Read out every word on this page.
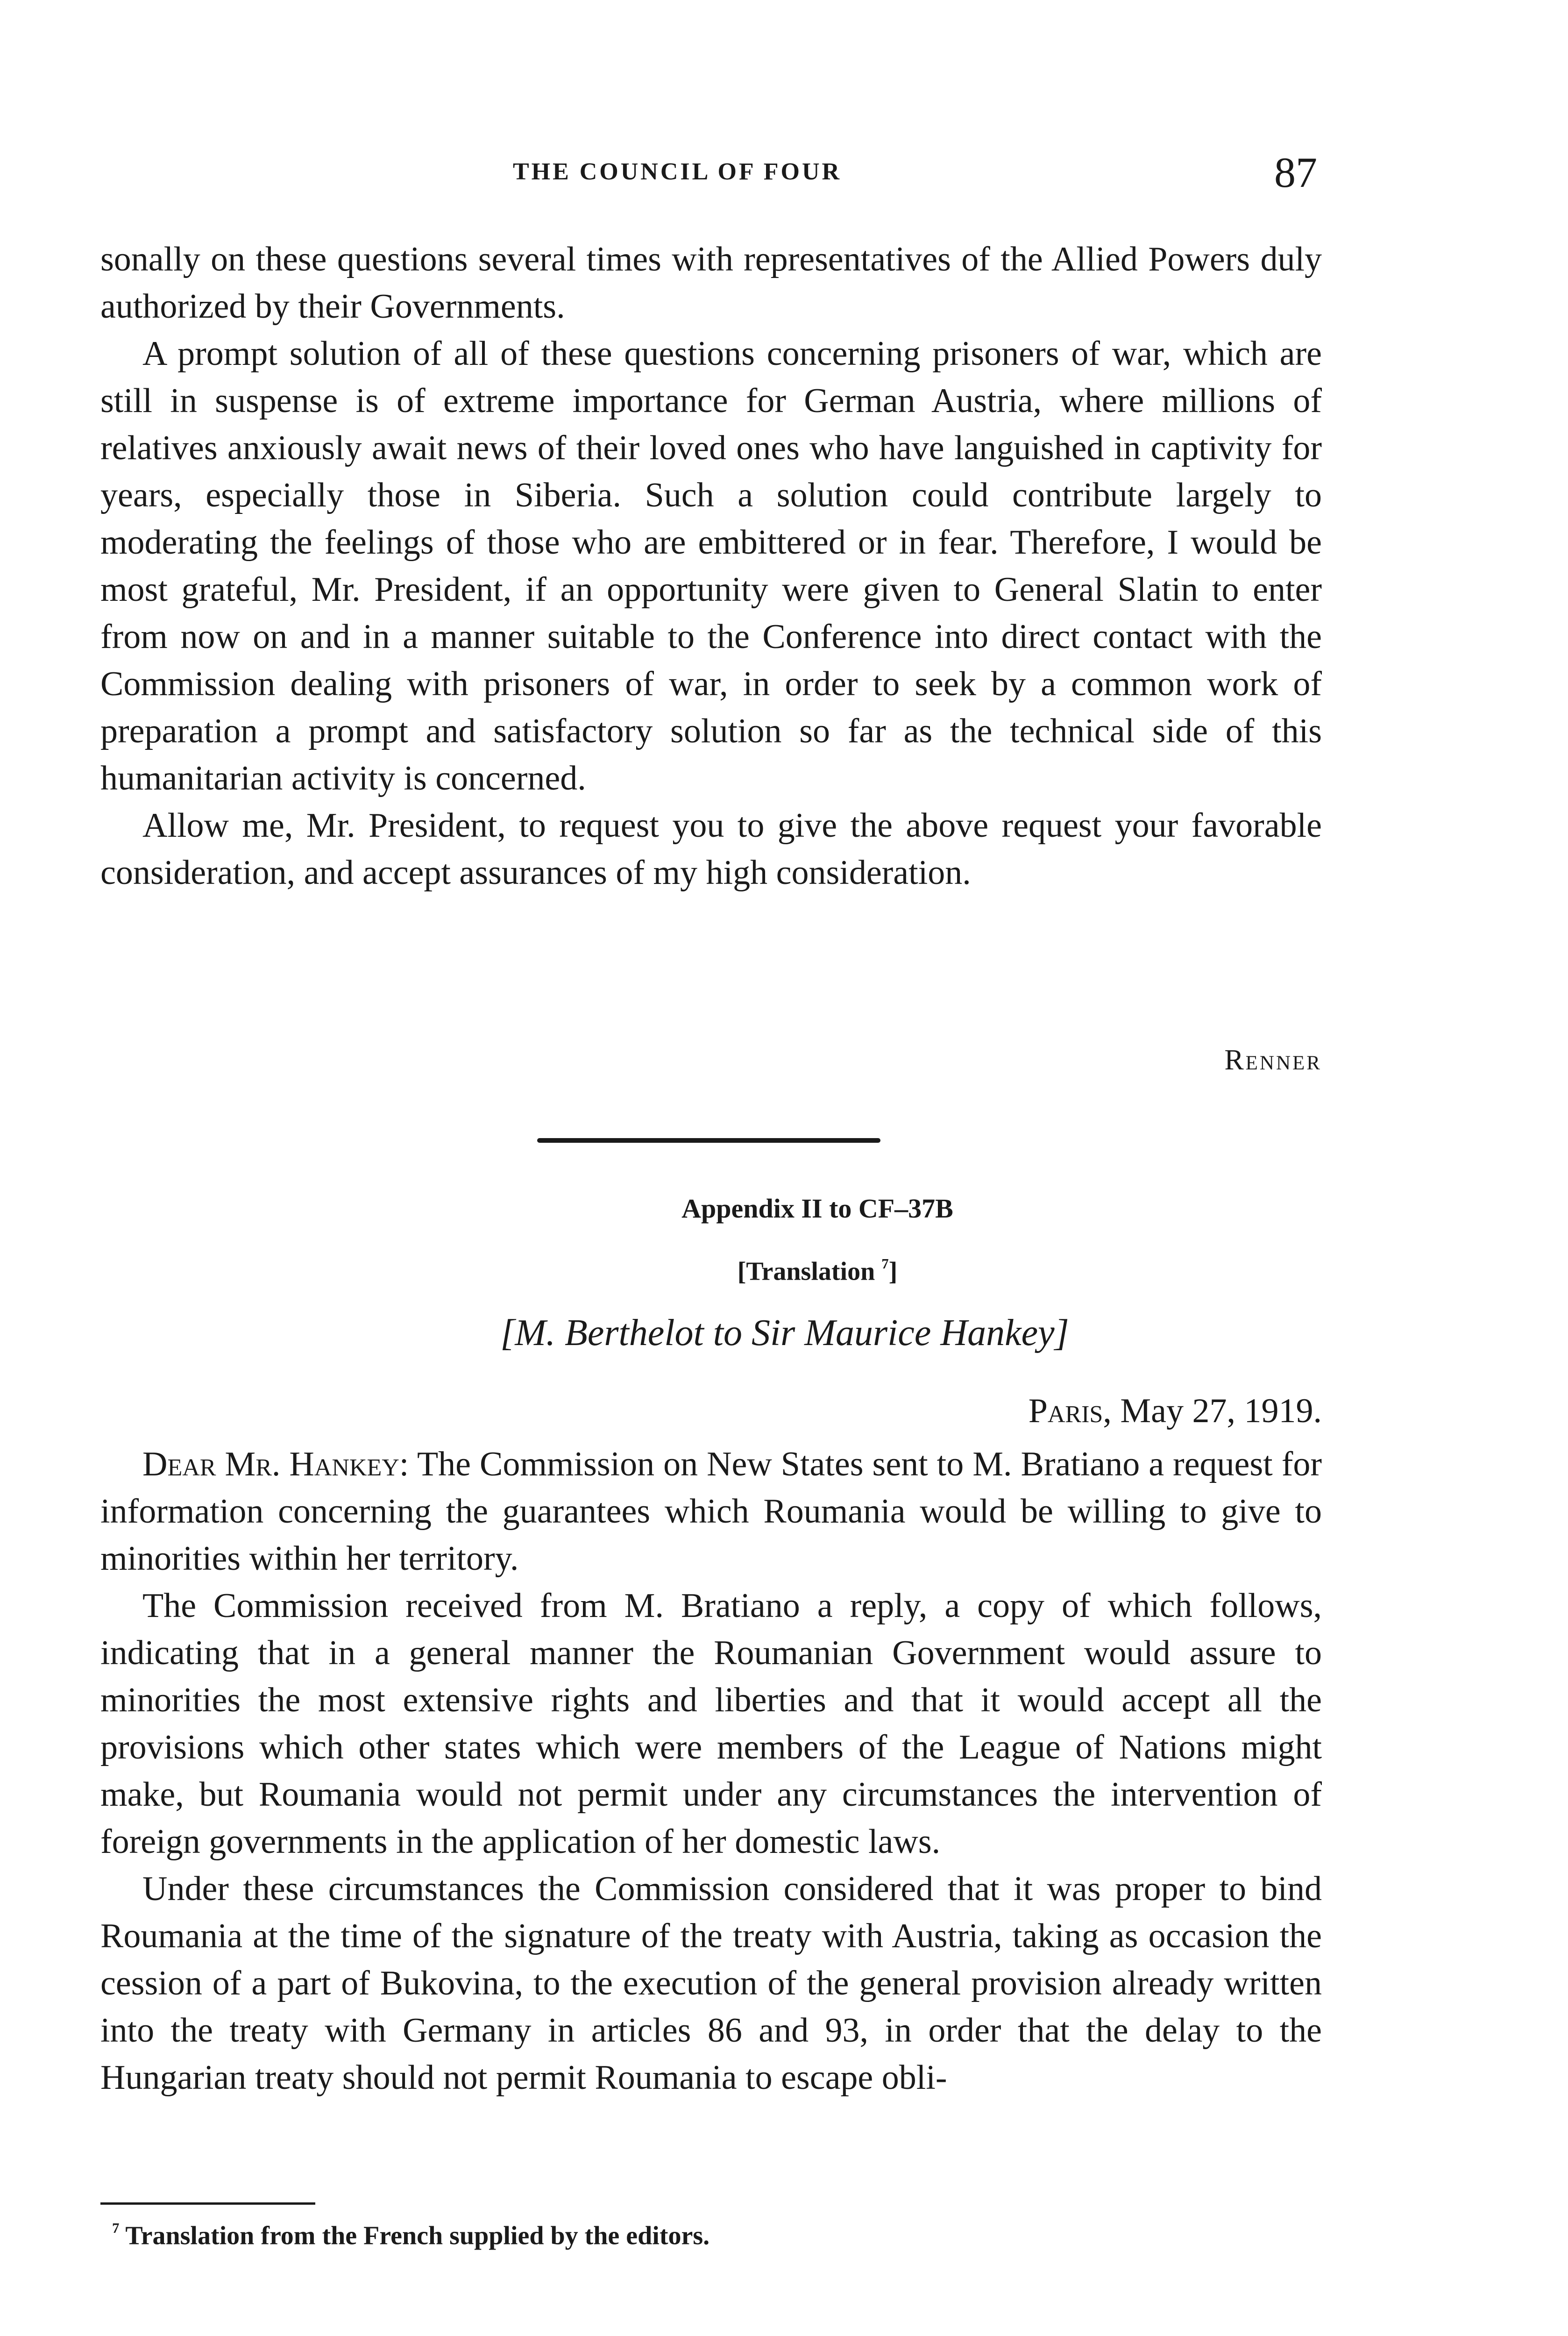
THE COUNCIL OF FOUR	87

sonally on these questions several times with representatives of the Allied Powers duly authorized by their Governments.

A prompt solution of all of these questions concerning prisoners of war, which are still in suspense is of extreme importance for German Austria, where millions of relatives anxiously await news of their loved ones who have languished in captivity for years, especially those in Siberia. Such a solution could contribute largely to moderating the feelings of those who are embittered or in fear. Therefore, I would be most grateful, Mr. President, if an opportunity were given to General Slatin to enter from now on and in a manner suitable to the Conference into direct contact with the Commission dealing with prisoners of war, in order to seek by a common work of preparation a prompt and satisfactory solution so far as the technical side of this humanitarian activity is concerned.

Allow me, Mr. President, to request you to give the above request your favorable consideration, and accept assurances of my high consideration.

Renner
Appendix II to CF–37B
[Translation $^7$]
[M. Berthelot to Sir Maurice Hankey]
Paris, May 27, 1919.

Dear Mr. Hankey: The Commission on New States sent to M. Bratiano a request for information concerning the guarantees which Roumania would be willing to give to minorities within her territory.

The Commission received from M. Bratiano a reply, a copy of which follows, indicating that in a general manner the Roumanian Government would assure to minorities the most extensive rights and liberties and that it would accept all the provisions which other states which were members of the League of Nations might make, but Roumania would not permit under any circumstances the intervention of foreign governments in the application of her domestic laws.

Under these circumstances the Commission considered that it was proper to bind Roumania at the time of the signature of the treaty with Austria, taking as occasion the cession of a part of Bukovina, to the execution of the general provision already written into the treaty with Germany in articles 86 and 93, in order that the delay to the Hungarian treaty should not permit Roumania to escape obli-

$^7$ Translation from the French supplied by the editors.
